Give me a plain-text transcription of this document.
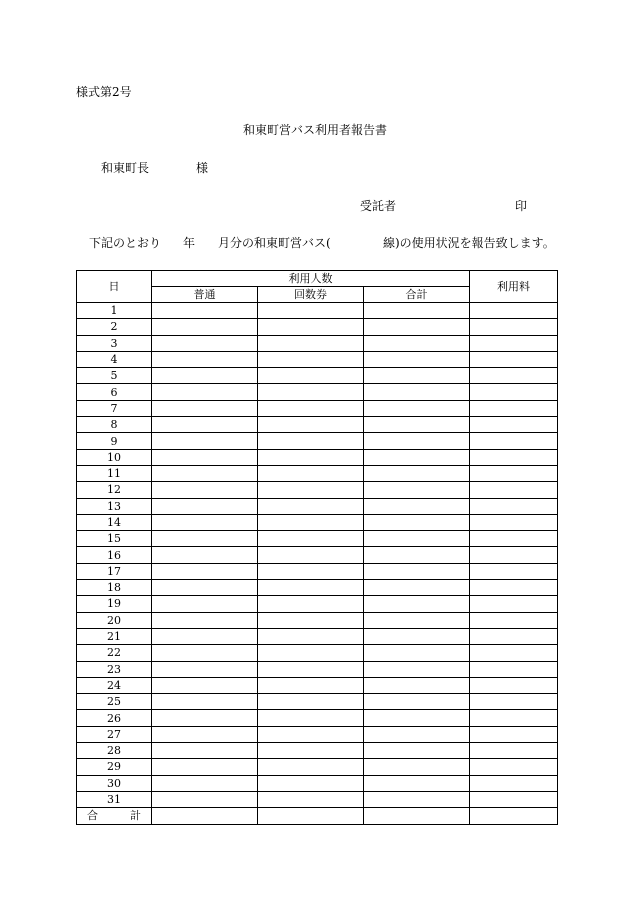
様式第2号
和東町営バス利用者報告書
和東町長	様
受託者	印
下記のとおり 年 月分の和東町営バス(	線)の使用状況を報告致します。
日	利用人数			利用料
	普通	回数券	合計	
1				
2				
3				
4				
5				
6				
7				
8				
9				
10				
11				
12				
13				
14				
15				
16				
17				
18				
19				
20				
21				
22				
23				
24				
25				
26				
27				
28				
29				
30				
31				
合　計				
